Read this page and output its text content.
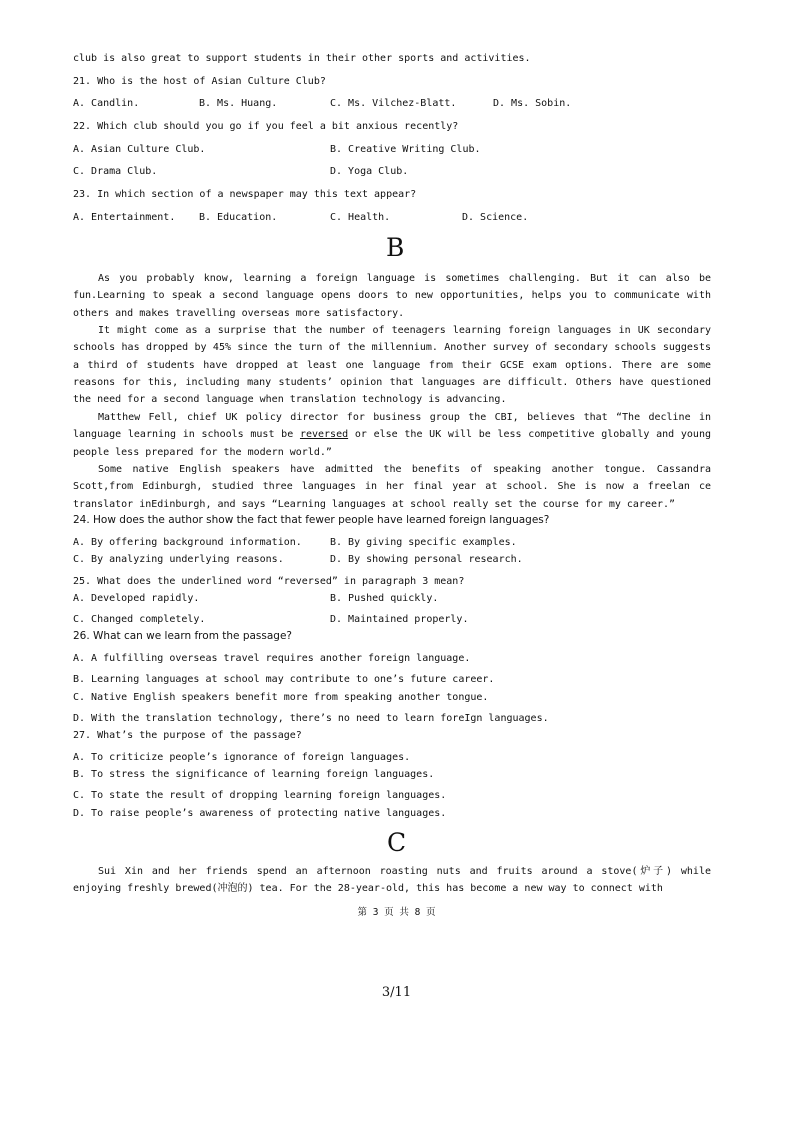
club is also great to support students in their other sports and activities.
21. Who is the host of Asian Culture Club?
A. Candlin.	B. Ms. Huang.	C. Ms. Vilchez-Blatt.	D. Ms. Sobin.
22. Which club should you go if you feel a bit anxious recently?
A. Asian Culture Club.	B. Creative Writing Club.
C. Drama Club.	D. Yoga Club.
23. In which section of a newspaper may this text appear?
A. Entertainment. B. Education.	C. Health.	D. Science.
B

As you probably know, learning a foreign language is sometimes challenging. But it can also be fun.Learning to speak a second language opens doors to new opportunities, helps you to communicate with others and makes travelling overseas more satisfactory.

It might come as a surprise that the number of teenagers learning foreign languages in UK secondary schools has dropped by 45% since the turn of the millennium. Another survey of secondary schools suggests a third of students have dropped at least one language from their GCSE exam options. There are some reasons for this, including many students’ opinion that languages are difficult. Others have questioned the need for a second language when translation technology is advancing.

Matthew Fell, chief UK policy director for business group the CBI, believes that “The decline in language learning in schools must be reversed or else the UK will be less competitive globally and young people less prepared for the modern world.”

Some native English speakers have admitted the benefits of speaking another tongue. Cassandra Scott,from Edinburgh, studied three languages in her final year at school. She is now a freelan ce translator inEdinburgh, and says “Learning languages at school really set the course for my career.”

24. How does the author show the fact that fewer people have learned foreign languages?
A. By offering background information.	B. By giving specific examples.
C. By analyzing underlying reasons.	D. By showing personal research.
25. What does the underlined word “reversed” in paragraph 3 mean?
A. Developed rapidly.	B. Pushed quickly.
C. Changed completely.	D. Maintained properly.
26. What can we learn from the passage?
A. A fulfilling overseas travel requires another foreign language.
B. Learning languages at school may contribute to one’s future career.
C. Native English speakers benefit more from speaking another tongue.
D. With the translation technology, there’s no need to learn foreIgn languages.
27. What’s the purpose of the passage?
A. To criticize people’s ignorance of foreign languages.
B. To stress the significance of learning foreign languages.
C. To state the result of dropping learning foreign languages.
D. To raise people’s awareness of protecting native languages.
C

Sui Xin and her friends spend an afternoon roasting nuts and fruits around a stove(炉子) while enjoying freshly brewed(冲泡的) tea. For the 28-year-old, this has become a new way to connect with

第 3 页 共 8 页
3/11
